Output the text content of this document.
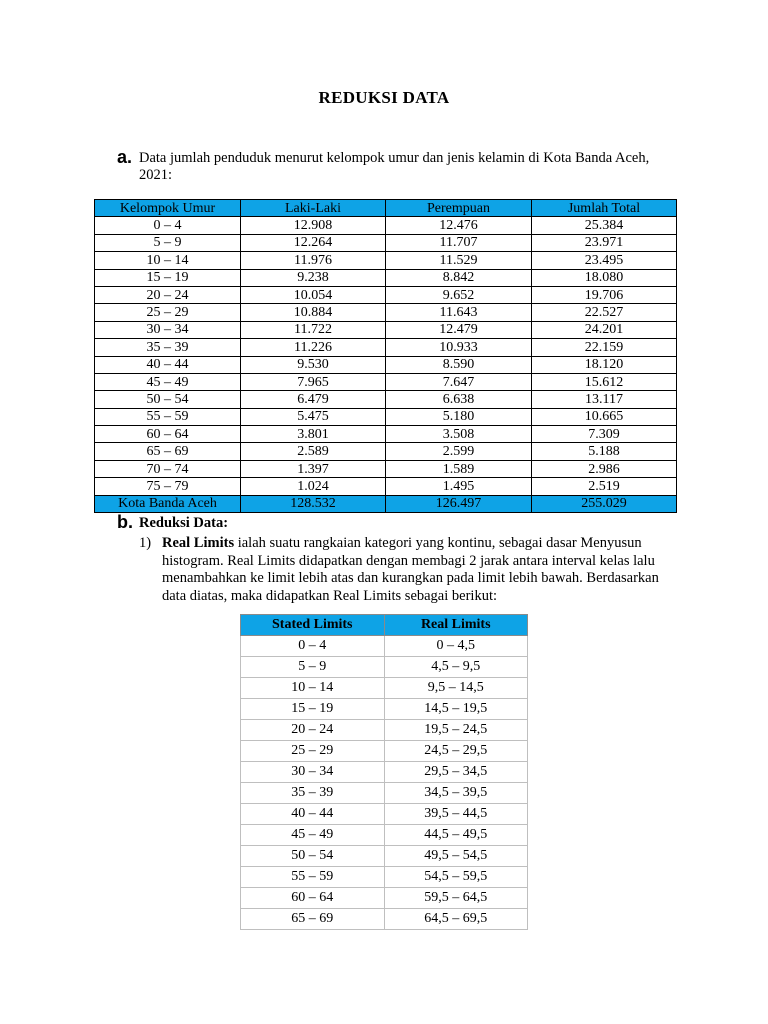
REDUKSI DATA
a. Data jumlah penduduk menurut kelompok umur dan jenis kelamin di Kota Banda Aceh, 2021:
Kelompok Umur	Laki-Laki	Perempuan	Jumlah Total
0 – 4	12.908	12.476	25.384
5 – 9	12.264	11.707	23.971
10 – 14	11.976	11.529	23.495
15 – 19	9.238	8.842	18.080
20 – 24	10.054	9.652	19.706
25 – 29	10.884	11.643	22.527
30 – 34	11.722	12.479	24.201
35 – 39	11.226	10.933	22.159
40 – 44	9.530	8.590	18.120
45 – 49	7.965	7.647	15.612
50 – 54	6.479	6.638	13.117
55 – 59	5.475	5.180	10.665
60 – 64	3.801	3.508	7.309
65 – 69	2.589	2.599	5.188
70 – 74	1.397	1.589	2.986
75 – 79	1.024	1.495	2.519
Kota Banda Aceh	128.532	126.497	255.029
b. Reduksi Data:
1) Real Limits ialah suatu rangkaian kategori yang kontinu, sebagai dasar Menyusun histogram. Real Limits didapatkan dengan membagi 2 jarak antara interval kelas lalu menambahkan ke limit lebih atas dan kurangkan pada limit lebih bawah. Berdasarkan data diatas, maka didapatkan Real Limits sebagai berikut:
Stated Limits	Real Limits
0 – 4	0 – 4,5
5 – 9	4,5 – 9,5
10 – 14	9,5 – 14,5
15 – 19	14,5 – 19,5
20 – 24	19,5 – 24,5
25 – 29	24,5 – 29,5
30 – 34	29,5 – 34,5
35 – 39	34,5 – 39,5
40 – 44	39,5 – 44,5
45 – 49	44,5 – 49,5
50 – 54	49,5 – 54,5
55 – 59	54,5 – 59,5
60 – 64	59,5 – 64,5
65 – 69	64,5 – 69,5
